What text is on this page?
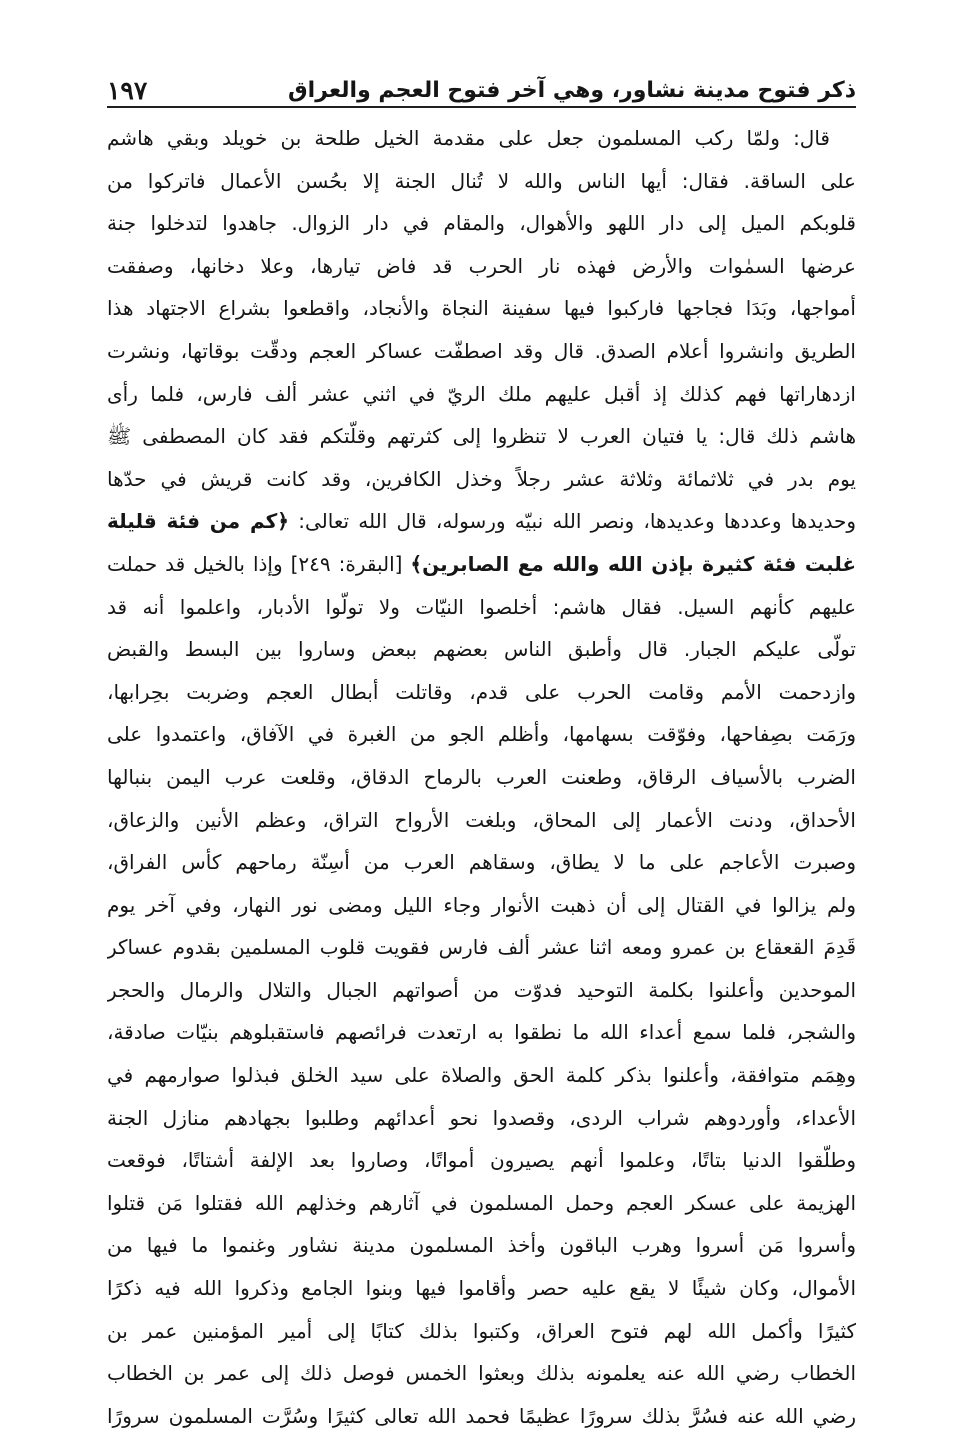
ذكر فتوح مدينة نشاور، وهي آخر فتوح العجم والعراق
١٩٧
قال: ولمّا ركب المسلمون جعل على مقدمة الخيل طلحة بن خويلد وبقي هاشم
على الساقة. فقال: أيها الناس والله لا تُنال الجنة إلا بحُسن الأعمال فاتركوا من
قلوبكم الميل إلى دار اللهو والأهوال، والمقام في دار الزوال. جاهدوا لتدخلوا جنة
عرضها السمٰوات والأرض فهذه نار الحرب قد فاض تيارها، وعلا دخانها، وصفقت
أمواجها، وبَدَا فجاجها فاركبوا فيها سفينة النجاة والأنجاد، واقطعوا بشراع الاجتهاد هذا
الطريق وانشروا أعلام الصدق. قال وقد اصطفّت عساكر العجم ودقّت بوقاتها، ونشرت
ازدهاراتها فهم كذلك إذ أقبل عليهم ملك الريّ في اثني عشر ألف فارس، فلما رأى
هاشم ذلك قال: يا فتيان العرب لا تنظروا إلى كثرتهم وقلّتكم فقد كان المصطفى ﷺ
يوم بدر في ثلاثمائة وثلاثة عشر رجلاً وخذل الكافرين، وقد كانت قريش في حدّها
وحديدها وعددها وعديدها، ونصر الله نبيّه ورسوله، قال الله تعالى: ﴿كم من فئة قليلة
غلبت فئة كثيرة بإذن الله والله مع الصابرين﴾ [البقرة: ٢٤٩] وإذا بالخيل قد حملت
عليهم كأنهم السيل. فقال هاشم: أخلصوا النيّات ولا تولّوا الأدبار، واعلموا أنه قد
تولّى عليكم الجبار. قال وأطبق الناس بعضهم ببعض وساروا بين البسط والقبض
وازدحمت الأمم وقامت الحرب على قدم، وقاتلت أبطال العجم وضربت بحِرابها،
ورَمَت بصِفاحها، وفوّقت بسهامها، وأظلم الجو من الغبرة في الآفاق، واعتمدوا على
الضرب بالأسياف الرقاق، وطعنت العرب بالرماح الدقاق، وقلعت عرب اليمن بنبالها
الأحداق، ودنت الأعمار إلى المحاق، وبلغت الأرواح التراق، وعظم الأنين والزعاق،
وصبرت الأعاجم على ما لا يطاق، وسقاهم العرب من أسِنّة رماحهم كأس الفراق،
ولم يزالوا في القتال إلى أن ذهبت الأنوار وجاء الليل ومضى نور النهار، وفي آخر يوم
قَدِمَ القعقاع بن عمرو ومعه اثنا عشر ألف فارس فقويت قلوب المسلمين بقدوم عساكر
الموحدين وأعلنوا بكلمة التوحيد فدوّت من أصواتهم الجبال والتلال والرمال والحجر
والشجر، فلما سمع أعداء الله ما نطقوا به ارتعدت فرائصهم فاستقبلوهم بنيّات صادقة،
وهِمَم متوافقة، وأعلنوا بذكر كلمة الحق والصلاة على سيد الخلق فبذلوا صوارمهم في
الأعداء، وأوردوهم شراب الردى، وقصدوا نحو أعدائهم وطلبوا بجهادهم منازل الجنة
وطلّقوا الدنيا بتاتًا، وعلموا أنهم يصيرون أمواتًا، وصاروا بعد الإلفة أشتاتًا، فوقعت
الهزيمة على عسكر العجم وحمل المسلمون في آثارهم وخذلهم الله فقتلوا مَن قتلوا
وأسروا مَن أسروا وهرب الباقون وأخذ المسلمون مدينة نشاور وغنموا ما فيها من
الأموال، وكان شيئًا لا يقع عليه حصر وأقاموا فيها وبنوا الجامع وذكروا الله فيه ذكرًا
كثيرًا وأكمل الله لهم فتوح العراق، وكتبوا بذلك كتابًا إلى أمير المؤمنين عمر بن
الخطاب رضي الله عنه يعلمونه بذلك وبعثوا الخمس فوصل ذلك إلى عمر بن الخطاب
رضي الله عنه فسُرَّ بذلك سرورًا عظيمًا فحمد الله تعالى كثيرًا وسُرَّت المسلمون سرورًا
